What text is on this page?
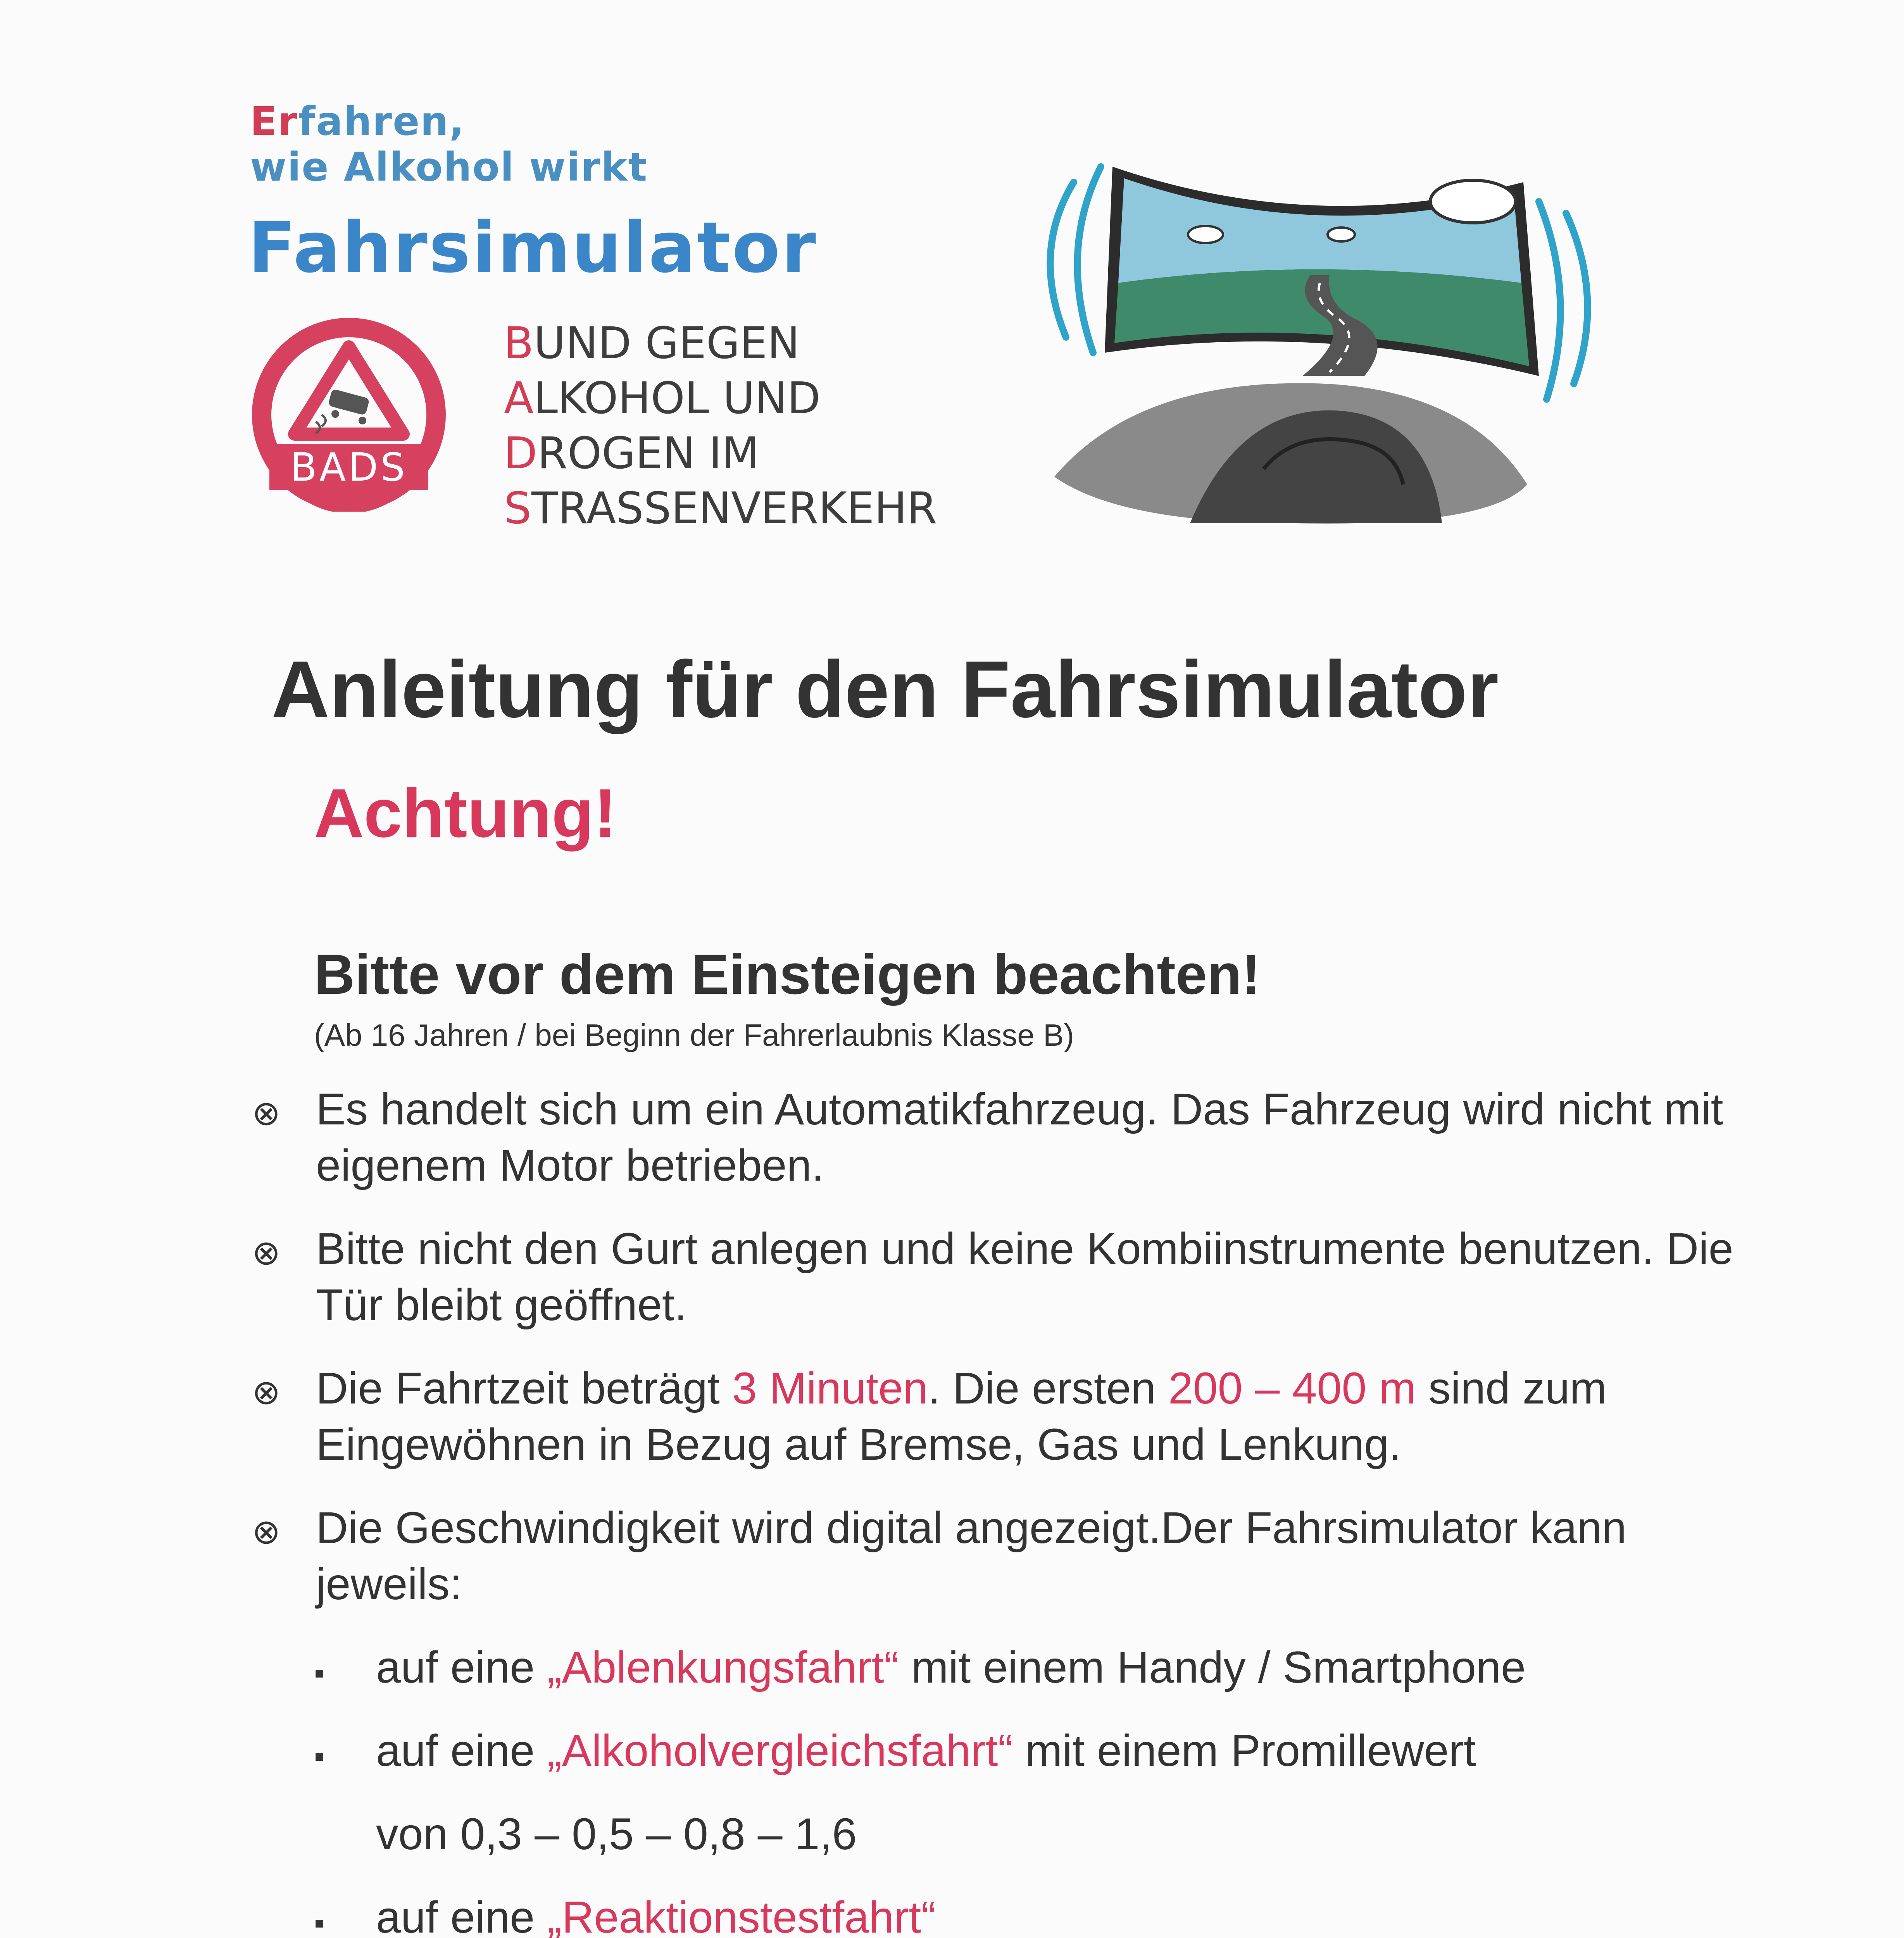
Erfahren,
wie Alkohol wirkt
Fahrsimulator
BADS
BUND GEGEN
ALKOHOL UND
DROGEN IM
STRASSENVERKEHR
Anleitung für den Fahrsimulator
Achtung!
Bitte vor dem Einsteigen beachten!
(Ab 16 Jahren / bei Beginn der Fahrerlaubnis Klasse B)
⊗ Es handelt sich um ein Automatikfahrzeug. Das Fahrzeug wird nicht mit eigenem Motor betrieben.
⊗ Bitte nicht den Gurt anlegen und keine Kombiinstrumente benutzen. Die Tür bleibt geöffnet.
⊗ Die Fahrtzeit beträgt 3 Minuten. Die ersten 200 – 400 m sind zum Eingewöhnen in Bezug auf Bremse, Gas und Lenkung.
⊗ Die Geschwindigkeit wird digital angezeigt.Der Fahrsimulator kann jeweils:
▪ auf eine „Ablenkungsfahrt“ mit einem Handy / Smartphone
▪ auf eine „Alkoholvergleichsfahrt“ mit einem Promillewert
von 0,3 – 0,5 – 0,8 – 1,6
▪ auf eine „Reaktionstestfahrt“
